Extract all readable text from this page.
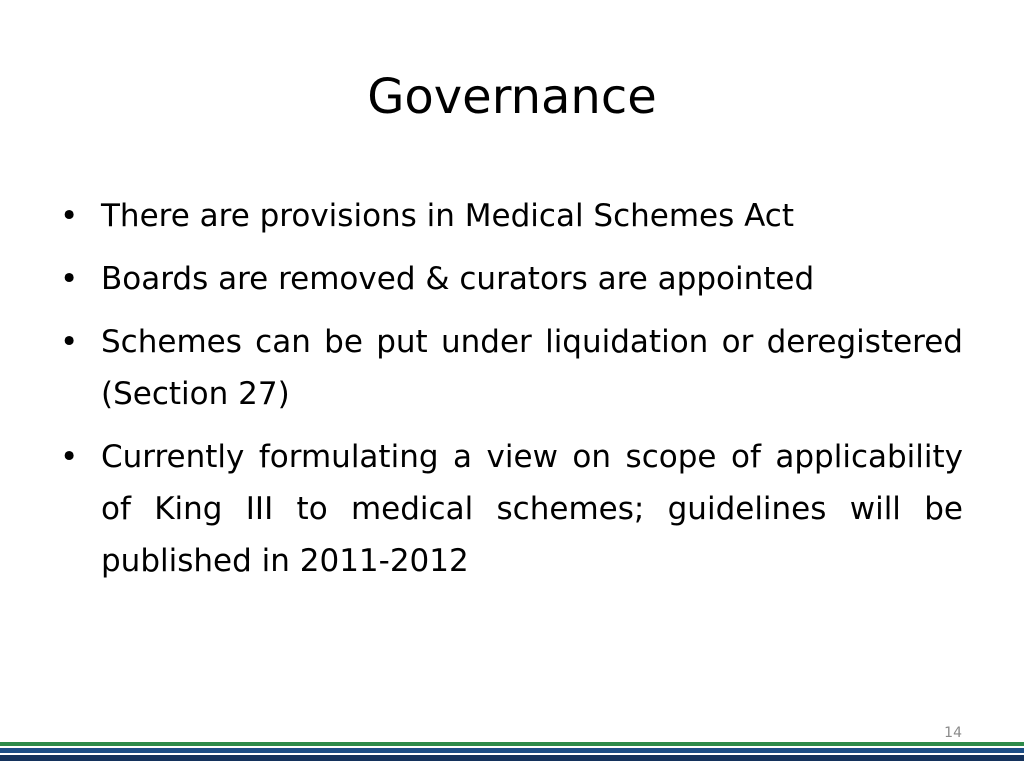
Governance
• There are provisions in Medical Schemes Act
• Boards are removed & curators are appointed
• Schemes can be put under liquidation or deregistered (Section 27)
• Currently formulating a view on scope of applicability of King III to medical schemes; guidelines will be published in 2011-2012
14
